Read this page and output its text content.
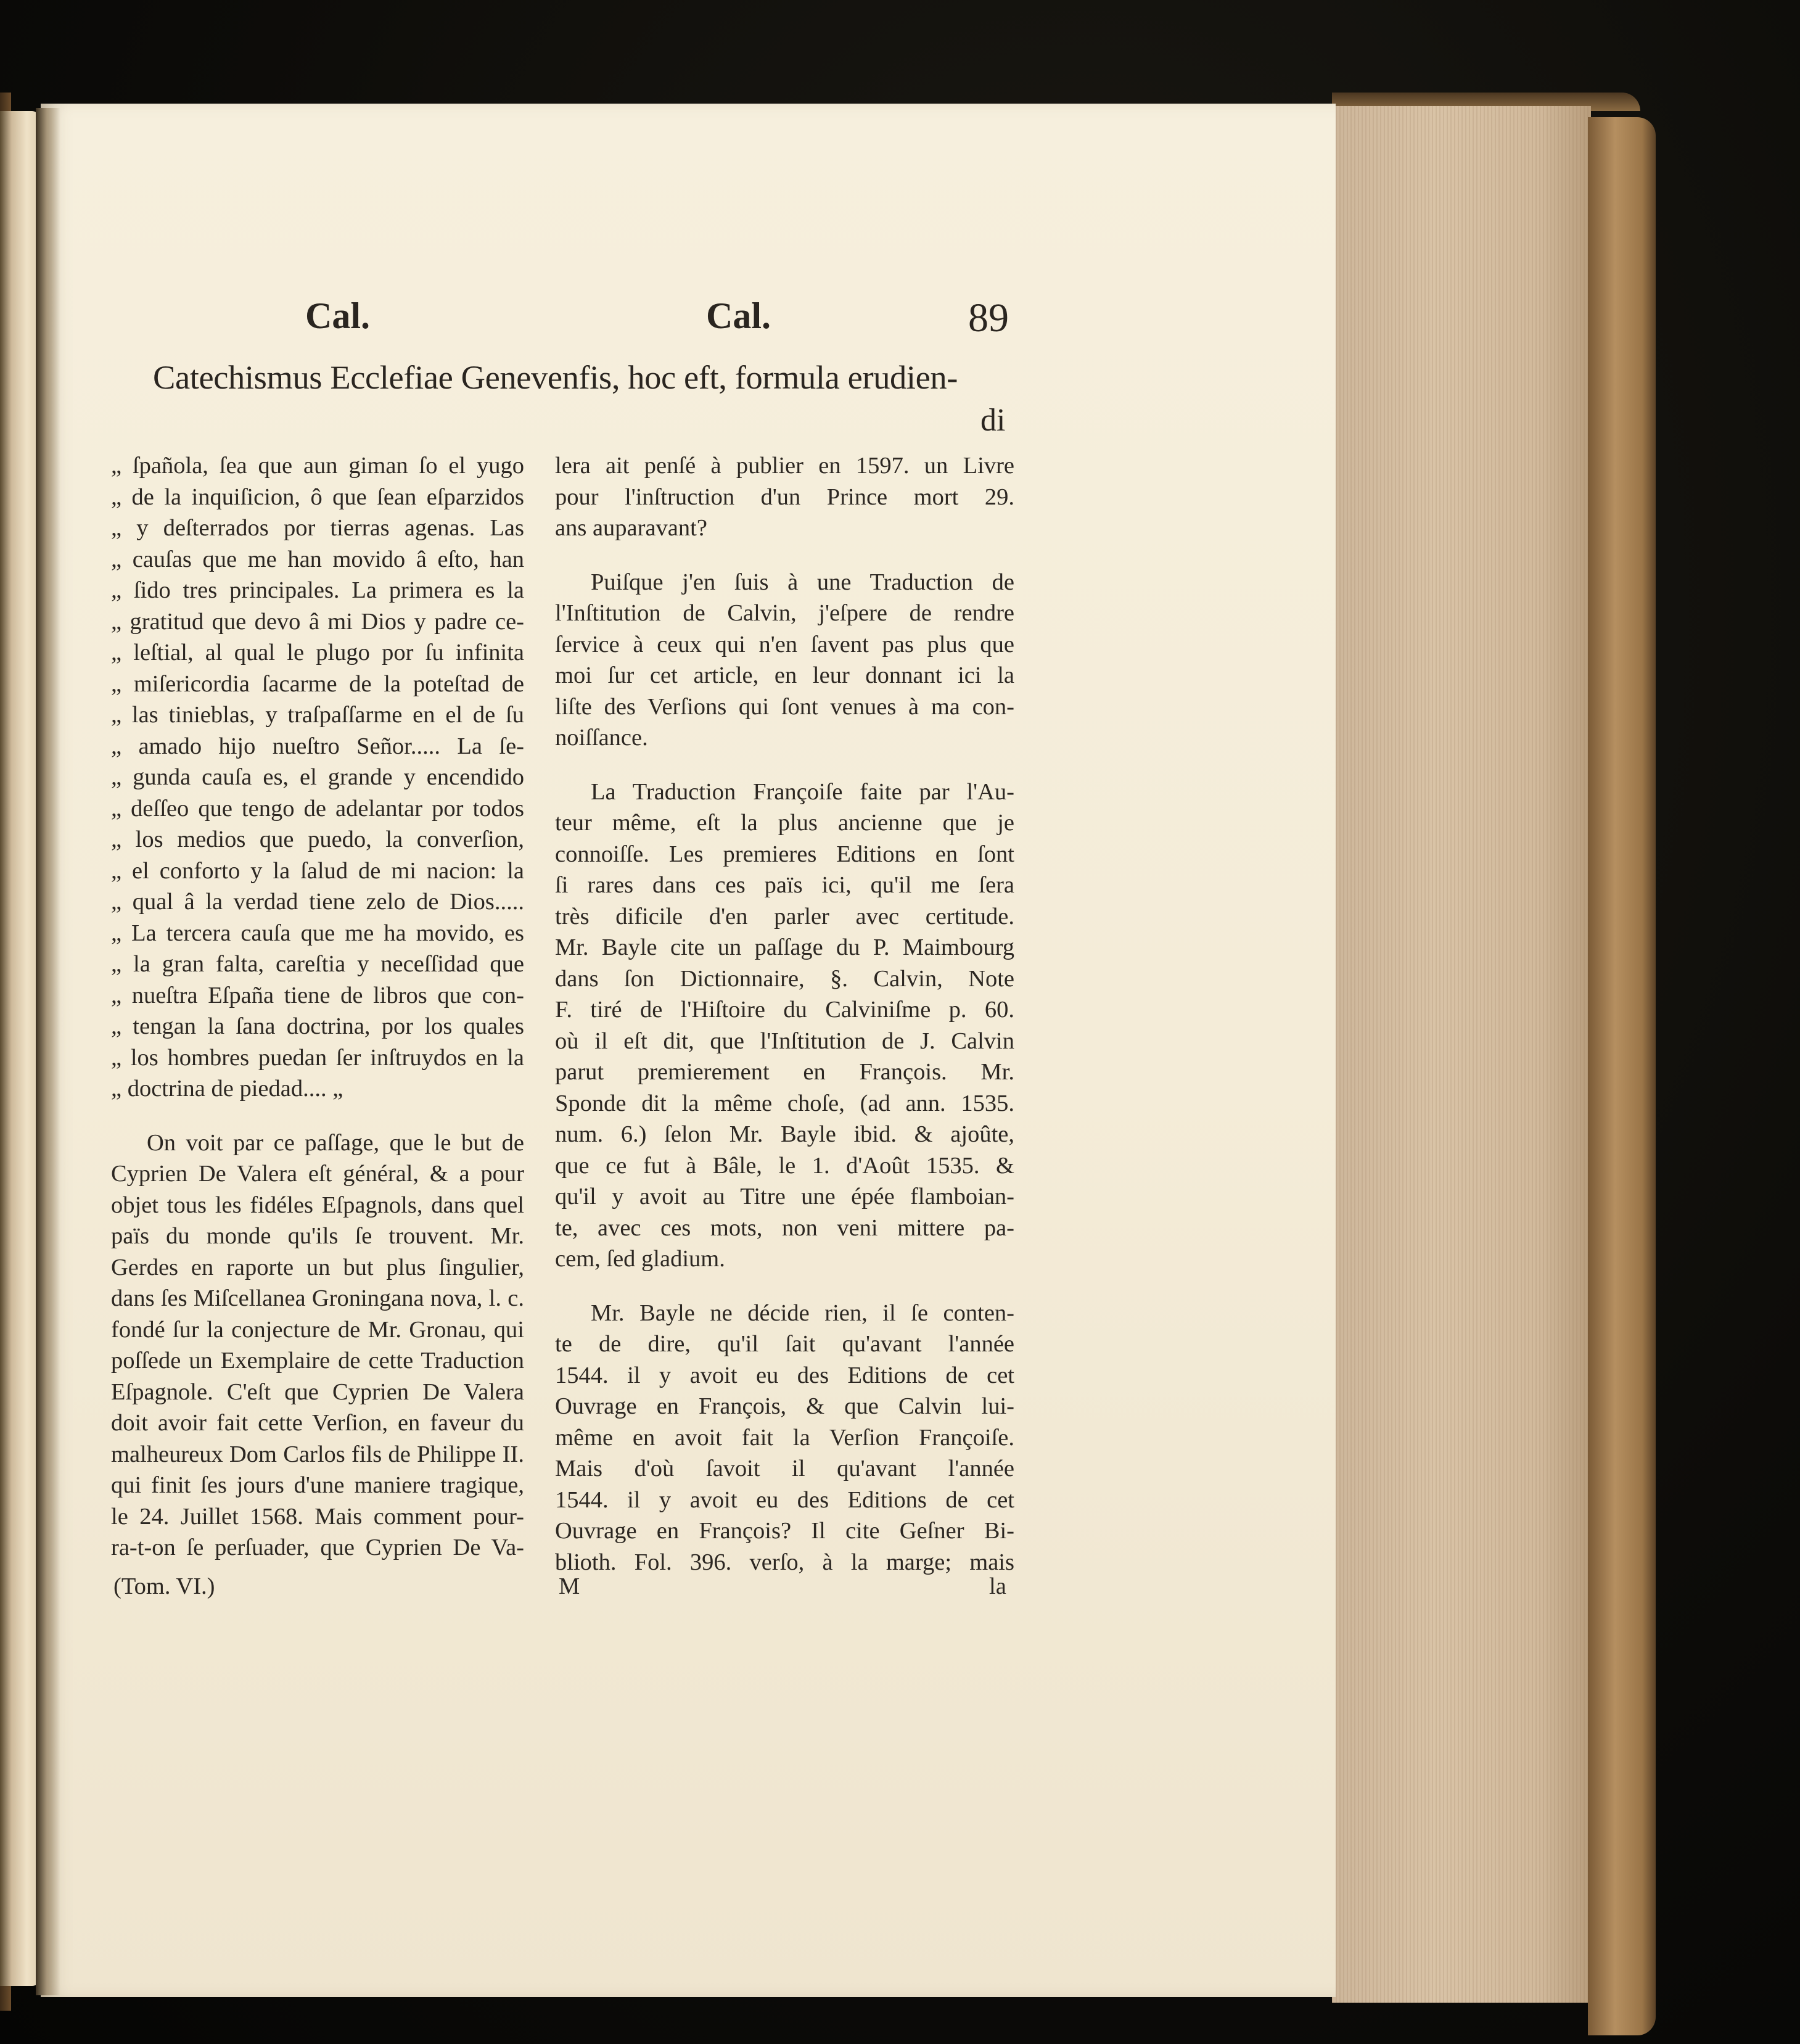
Cal.	Cal.	89
Catechismus Ecclefiae Genevenfis, hoc eft, formula erudien-
di
„ ſpañola, ſea que aun giman ſo el yugo
„ de la inquiſicion, ô que ſean eſparzidos
„ y deſterrados por tierras agenas. Las
„ cauſas que me han movido â eſto, han
„ ſido tres principales. La primera es la
„ gratitud que devo â mi Dios y padre ce-
„ leſtial, al qual le plugo por ſu infinita
„ miſericordia ſacarme de la poteſtad de
„ las tinieblas, y traſpaſſarme en el de ſu
„ amado hijo nueſtro Señor..... La ſe-
„ gunda cauſa es, el grande y encendido
„ deſſeo que tengo de adelantar por todos
„ los medios que puedo, la converſion,
„ el conforto y la ſalud de mi nacion: la
„ qual â la verdad tiene zelo de Dios.....
„ La tercera cauſa que me ha movido, es
„ la gran falta, careſtia y neceſſidad que
„ nueſtra Eſpaña tiene de libros que con-
„ tengan la ſana doctrina, por los quales
„ los hombres puedan ſer inſtruydos en la
„ doctrina de piedad.... „
On voit par ce paſſage, que le but de
Cyprien De Valera eſt général, & a pour
objet tous les fidéles Eſpagnols, dans quel
païs du monde qu'ils ſe trouvent. Mr.
Gerdes en raporte un but plus ſingulier,
dans ſes Miſcellanea Groningana nova, l. c.
fondé ſur la conjecture de Mr. Gronau, qui
poſſede un Exemplaire de cette Traduction
Eſpagnole. C'eſt que Cyprien De Valera
doit avoir fait cette Verſion, en faveur du
malheureux Dom Carlos fils de Philippe II.
qui finit ſes jours d'une maniere tragique,
le 24. Juillet 1568. Mais comment pour-
ra-t-on ſe perſuader, que Cyprien De Va-
lera ait penſé à publier en 1597. un Livre
pour l'inſtruction d'un Prince mort 29.
ans auparavant?
Puiſque j'en ſuis à une Traduction de
l'Inſtitution de Calvin, j'eſpere de rendre
ſervice à ceux qui n'en ſavent pas plus que
moi ſur cet article, en leur donnant ici la
liſte des Verſions qui ſont venues à ma con-
noiſſance.
La Traduction Françoiſe faite par l'Au-
teur même, eſt la plus ancienne que je
connoiſſe. Les premieres Editions en ſont
ſi rares dans ces païs ici, qu'il me ſera
très dificile d'en parler avec certitude.
Mr. Bayle cite un paſſage du P. Maimbourg
dans ſon Dictionnaire, §. Calvin, Note
F. tiré de l'Hiſtoire du Calviniſme p. 60.
où il eſt dit, que l'Inſtitution de J. Calvin
parut premierement en François. Mr.
Sponde dit la même choſe, (ad ann. 1535.
num. 6.) ſelon Mr. Bayle ibid. & ajoûte,
que ce fut à Bâle, le 1. d'Août 1535. &
qu'il y avoit au Titre une épée flamboian-
te, avec ces mots, non veni mittere pa-
cem, ſed gladium.
Mr. Bayle ne décide rien, il ſe conten-
te de dire, qu'il ſait qu'avant l'année
1544. il y avoit eu des Editions de cet
Ouvrage en François, & que Calvin lui-
même en avoit fait la Verſion Françoiſe.
Mais d'où ſavoit il qu'avant l'année
1544. il y avoit eu des Editions de cet
Ouvrage en François? Il cite Geſner Bi-
blioth. Fol. 396. verſo, à la marge; mais
(Tom. VI.)	M	la
